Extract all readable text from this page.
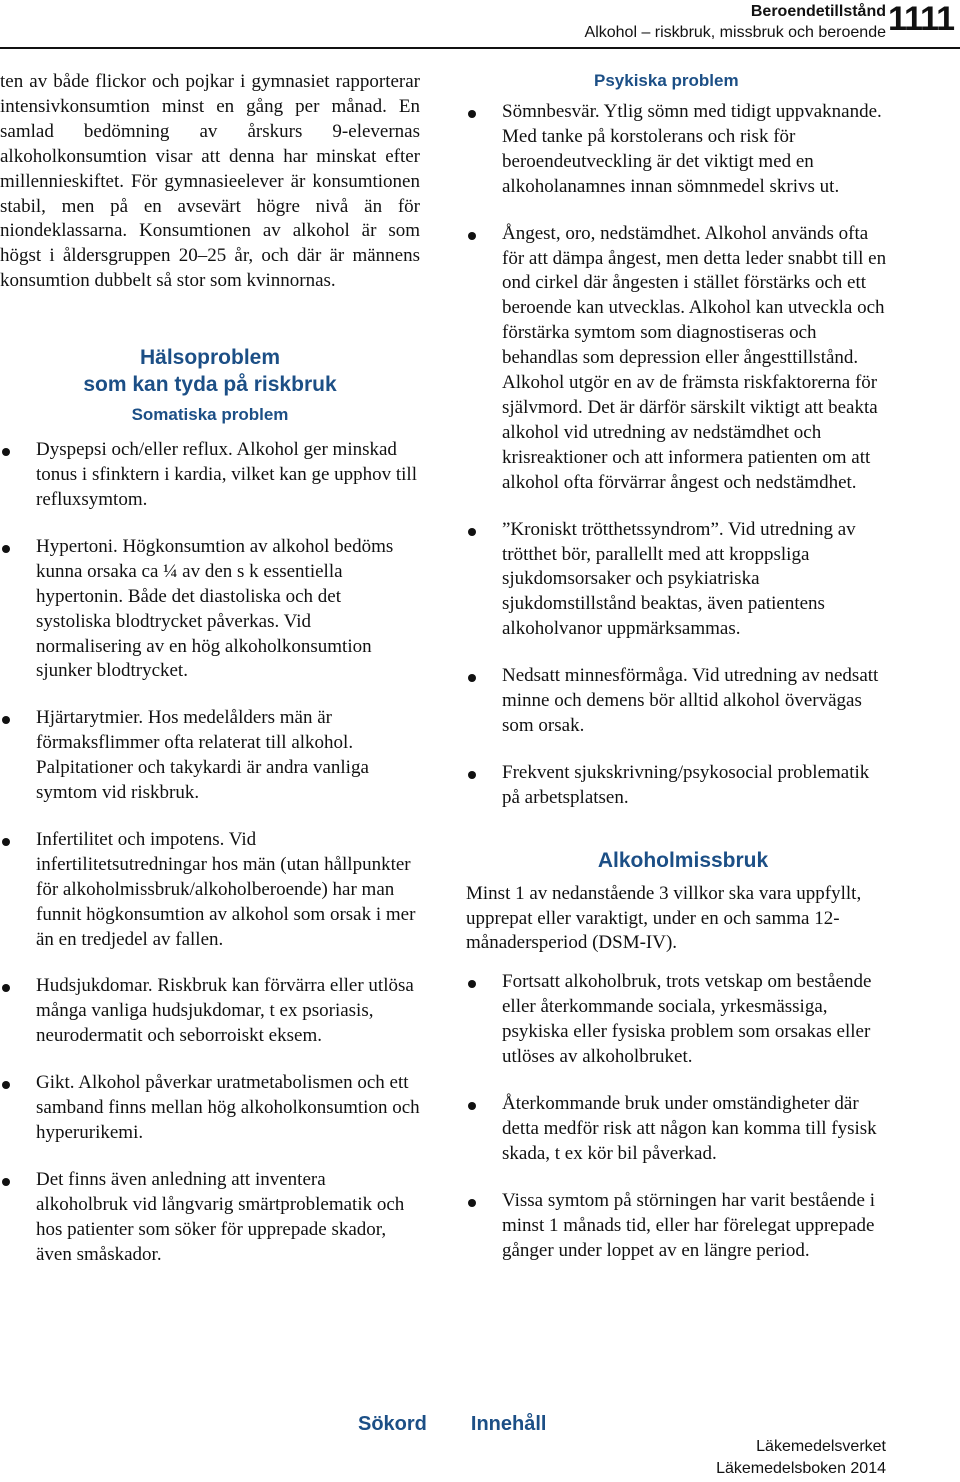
Beroendetillstånd
Alkohol – riskbruk, missbruk och beroende 1111

ten av både flickor och pojkar i gymnasiet rapporterar intensivkonsumtion minst en gång per månad. En samlad bedömning av årskurs 9-elevernas alkoholkonsumtion visar att denna har minskat efter millennieskiftet. För gymnasieelever är konsumtionen stabil, men på en avsevärt högre nivå än för niondeklassarna. Konsumtionen av alkohol är som högst i åldersgruppen 20–25 år, och där är männens konsumtion dubbelt så stor som kvinnornas.

Hälsoproblem
som kan tyda på riskbruk
Somatiska problem

Dyspepsi och/eller reflux. Alkohol ger minskad tonus i sfinktern i kardia, vilket kan ge upphov till refluxsymtom.

Hypertoni. Högkonsumtion av alkohol bedöms kunna orsaka ca ¼ av den s k essentiella hypertonin. Både det diastoliska och det systoliska blodtrycket påverkas. Vid normalisering av en hög alkoholkonsumtion sjunker blodtrycket.

Hjärtarytmier. Hos medelålders män är förmaksflimmer ofta relaterat till alkohol. Palpitationer och takykardi är andra vanliga symtom vid riskbruk.

Infertilitet och impotens. Vid infertilitetsutredningar hos män (utan hållpunkter för alkoholmissbruk/alkoholberoende) har man funnit högkonsumtion av alkohol som orsak i mer än en tredjedel av fallen.

Hudsjukdomar. Riskbruk kan förvärra eller utlösa många vanliga hudsjukdomar, t ex psoriasis, neurodermatit och seborroiskt eksem.

Gikt. Alkohol påverkar uratmetabolismen och ett samband finns mellan hög alkoholkonsumtion och hyperurikemi.

Det finns även anledning att inventera alkoholbruk vid långvarig smärtproblematik och hos patienter som söker för upprepade skador, även småskador.

Psykiska problem

Sömnbesvär. Ytlig sömn med tidigt uppvaknande. Med tanke på korstolerans och risk för beroendeutveckling är det viktigt med en alkoholanamnes innan sömnmedel skrivs ut.

Ångest, oro, nedstämdhet. Alkohol används ofta för att dämpa ångest, men detta leder snabbt till en ond cirkel där ångesten i stället förstärks och ett beroende kan utvecklas. Alkohol kan utveckla och förstärka symtom som diagnostiseras och behandlas som depression eller ångesttillstånd. Alkohol utgör en av de främsta riskfaktorerna för självmord. Det är därför särskilt viktigt att beakta alkohol vid utredning av nedstämdhet och krisreaktioner och att informera patienten om att alkohol ofta förvärrar ångest och nedstämdhet.

”Kroniskt trötthetssyndrom”. Vid utredning av trötthet bör, parallellt med att kroppsliga sjukdomsorsaker och psykiatriska sjukdomstillstånd beaktas, även patientens alkoholvanor uppmärksammas.

Nedsatt minnesförmåga. Vid utredning av nedsatt minne och demens bör alltid alkohol övervägas som orsak.

Frekvent sjukskrivning/psykosocial problematik på arbetsplatsen.

Alkoholmissbruk

Minst 1 av nedanstående 3 villkor ska vara uppfyllt, upprepat eller varaktigt, under en och samma 12-månadersperiod (DSM-IV).

Fortsatt alkoholbruk, trots vetskap om bestående eller återkommande sociala, yrkesmässiga, psykiska eller fysiska problem som orsakas eller utlöses av alkoholbruket.

Återkommande bruk under omständigheter där detta medför risk att någon kan komma till fysisk skada, t ex kör bil påverkad.

Vissa symtom på störningen har varit bestående i minst 1 månads tid, eller har förelegat upprepade gånger under loppet av en längre period.

Sökord Innehåll
Läkemedelsverket
Läkemedelsboken 2014
